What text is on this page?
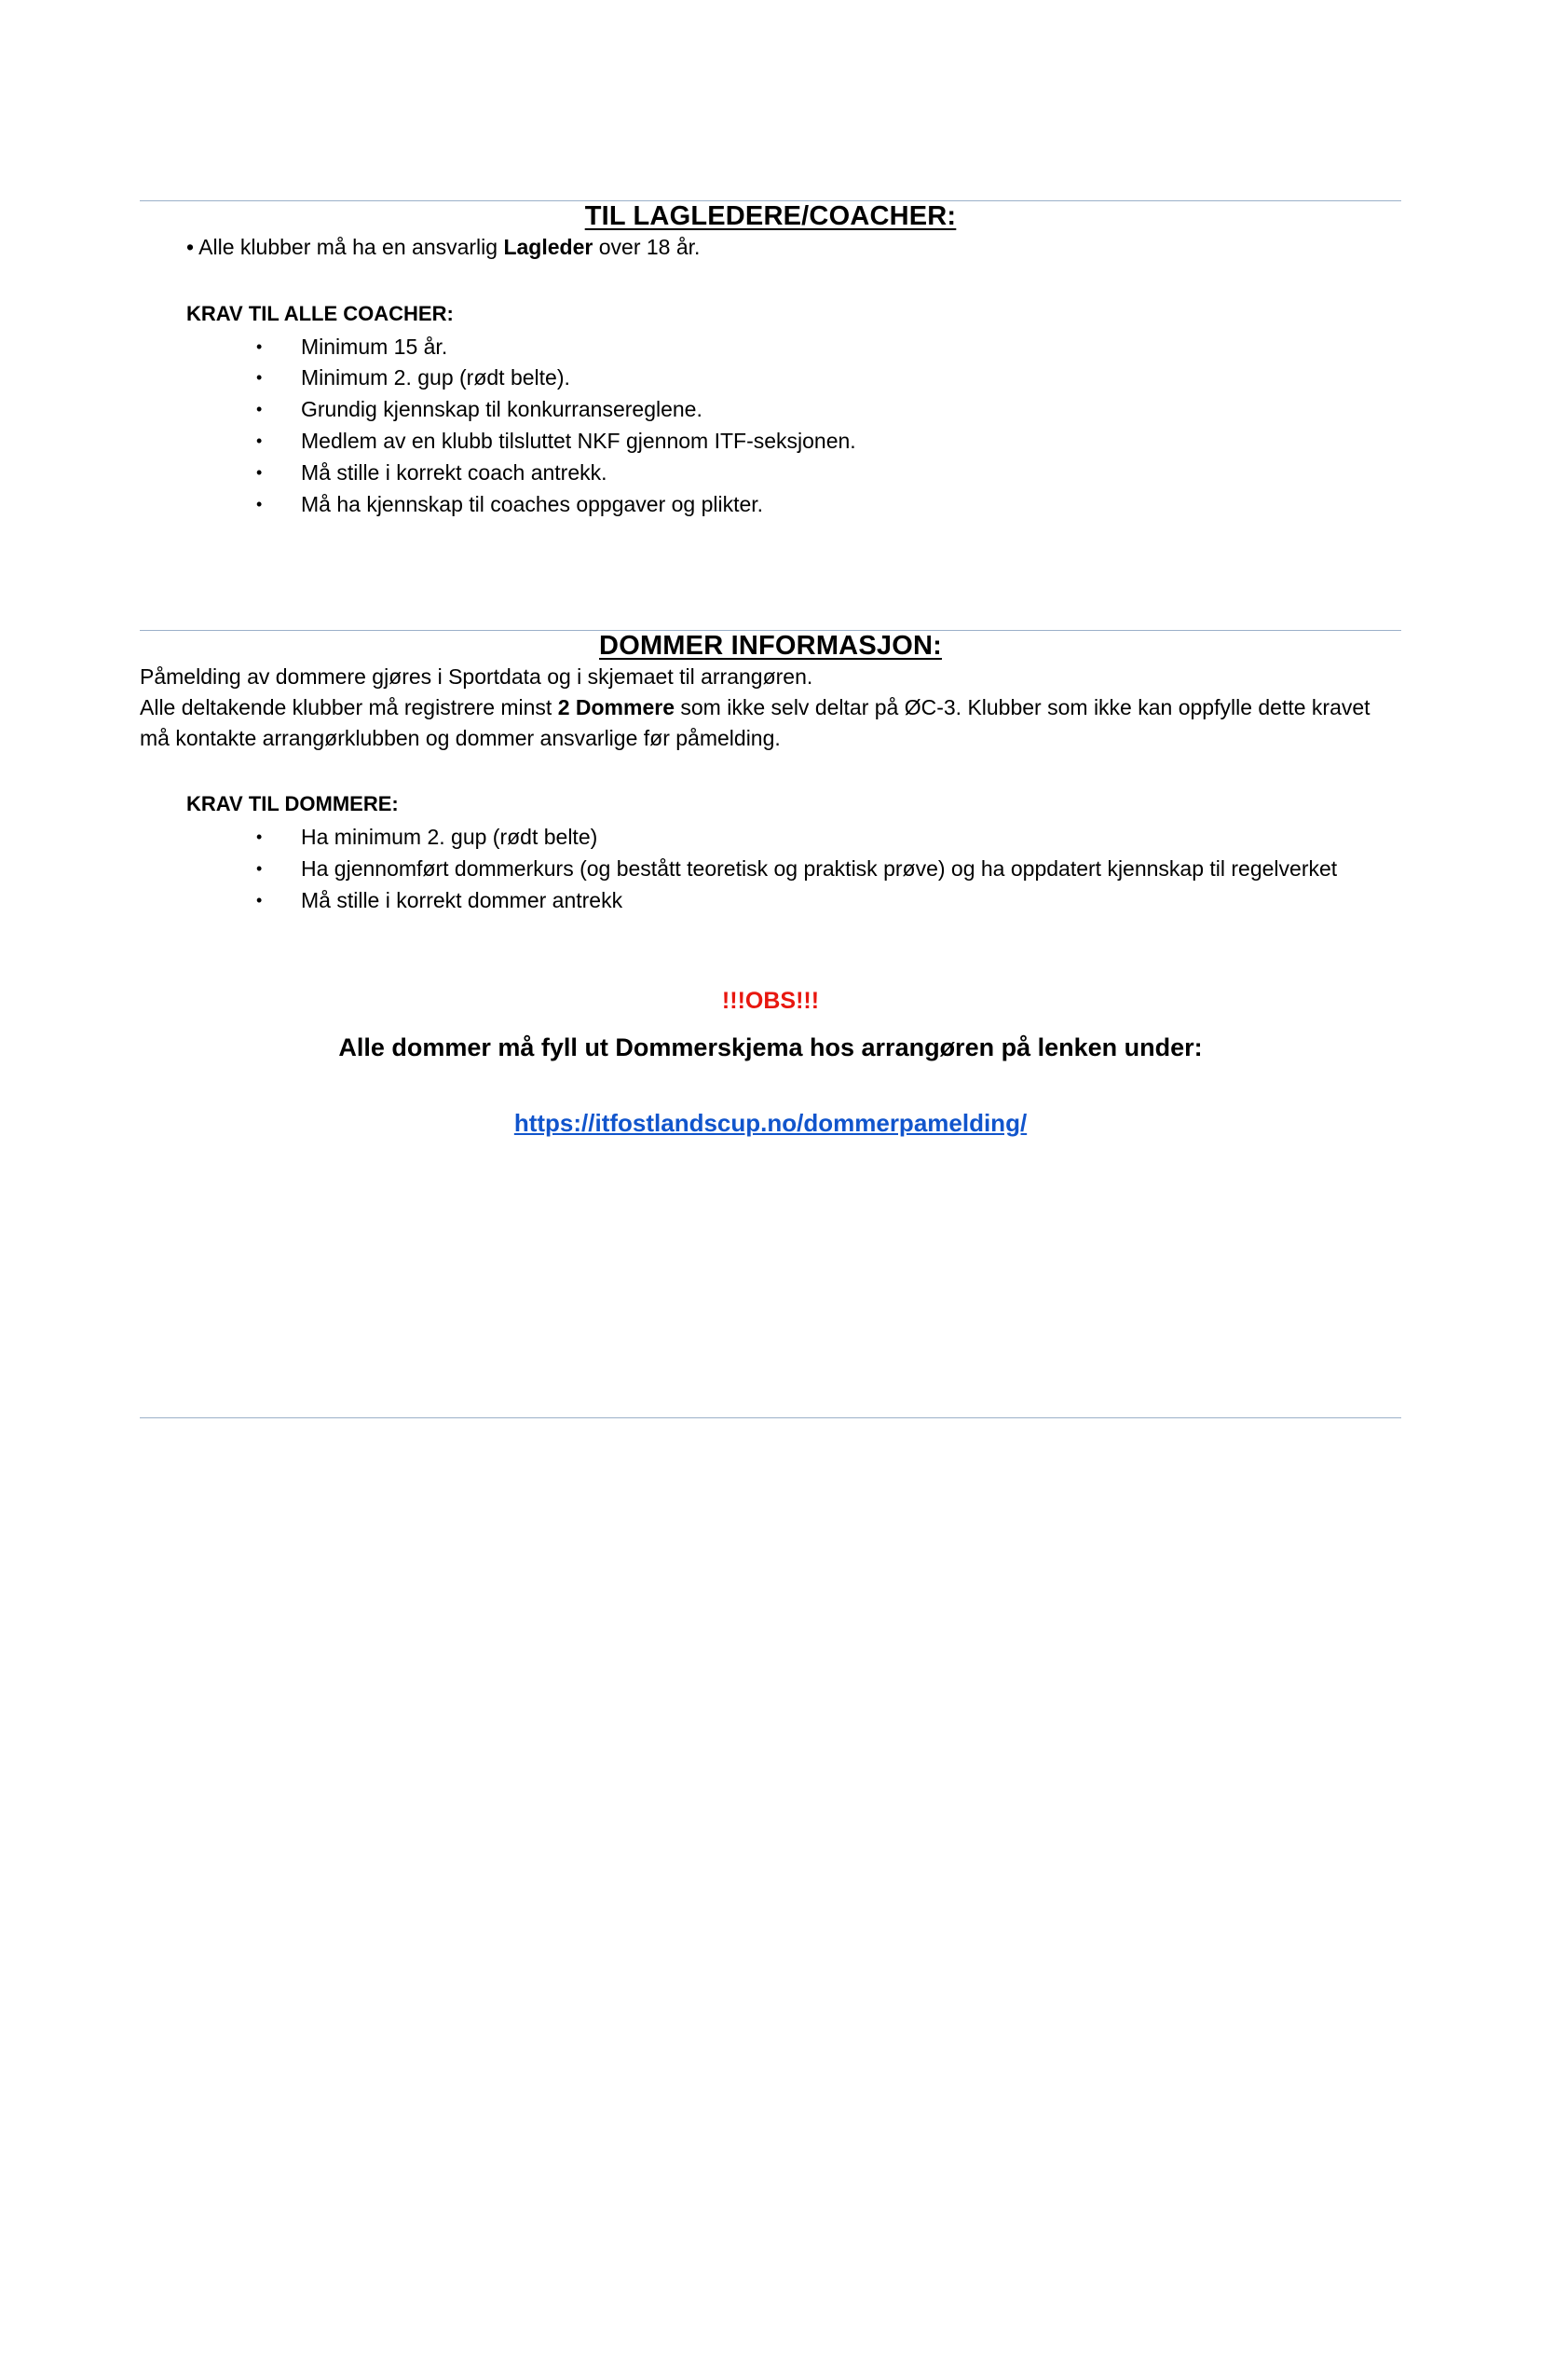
TIL LAGLEDERE/COACHER:

• Alle klubber må ha en ansvarlig Lagleder over 18 år.

KRAV TIL ALLE COACHER:

• Minimum 15 år.
• Minimum 2. gup (rødt belte).
• Grundig kjennskap til konkurransereglene.
• Medlem av en klubb tilsluttet NKF gjennom ITF-seksjonen.
• Må stille i korrekt coach antrekk.
• Må ha kjennskap til coaches oppgaver og plikter.
DOMMER INFORMASJON:

Påmelding av dommere gjøres i Sportdata og i skjemaet til arrangøren.

Alle deltakende klubber må registrere minst 2 Dommere som ikke selv deltar på ØC-3. Klubber som ikke kan oppfylle dette kravet må kontakte arrangørklubben og dommer ansvarlige før påmelding.

KRAV TIL DOMMERE:

• Ha minimum 2. gup (rødt belte)
• Ha gjennomført dommerkurs (og bestått teoretisk og praktisk prøve) og ha oppdatert kjennskap til regelverket
• Må stille i korrekt dommer antrekk

!!!OBS!!!

Alle dommer må fyll ut Dommerskjema hos arrangøren på lenken under:

https://itfostlandscup.no/dommerpamelding/
